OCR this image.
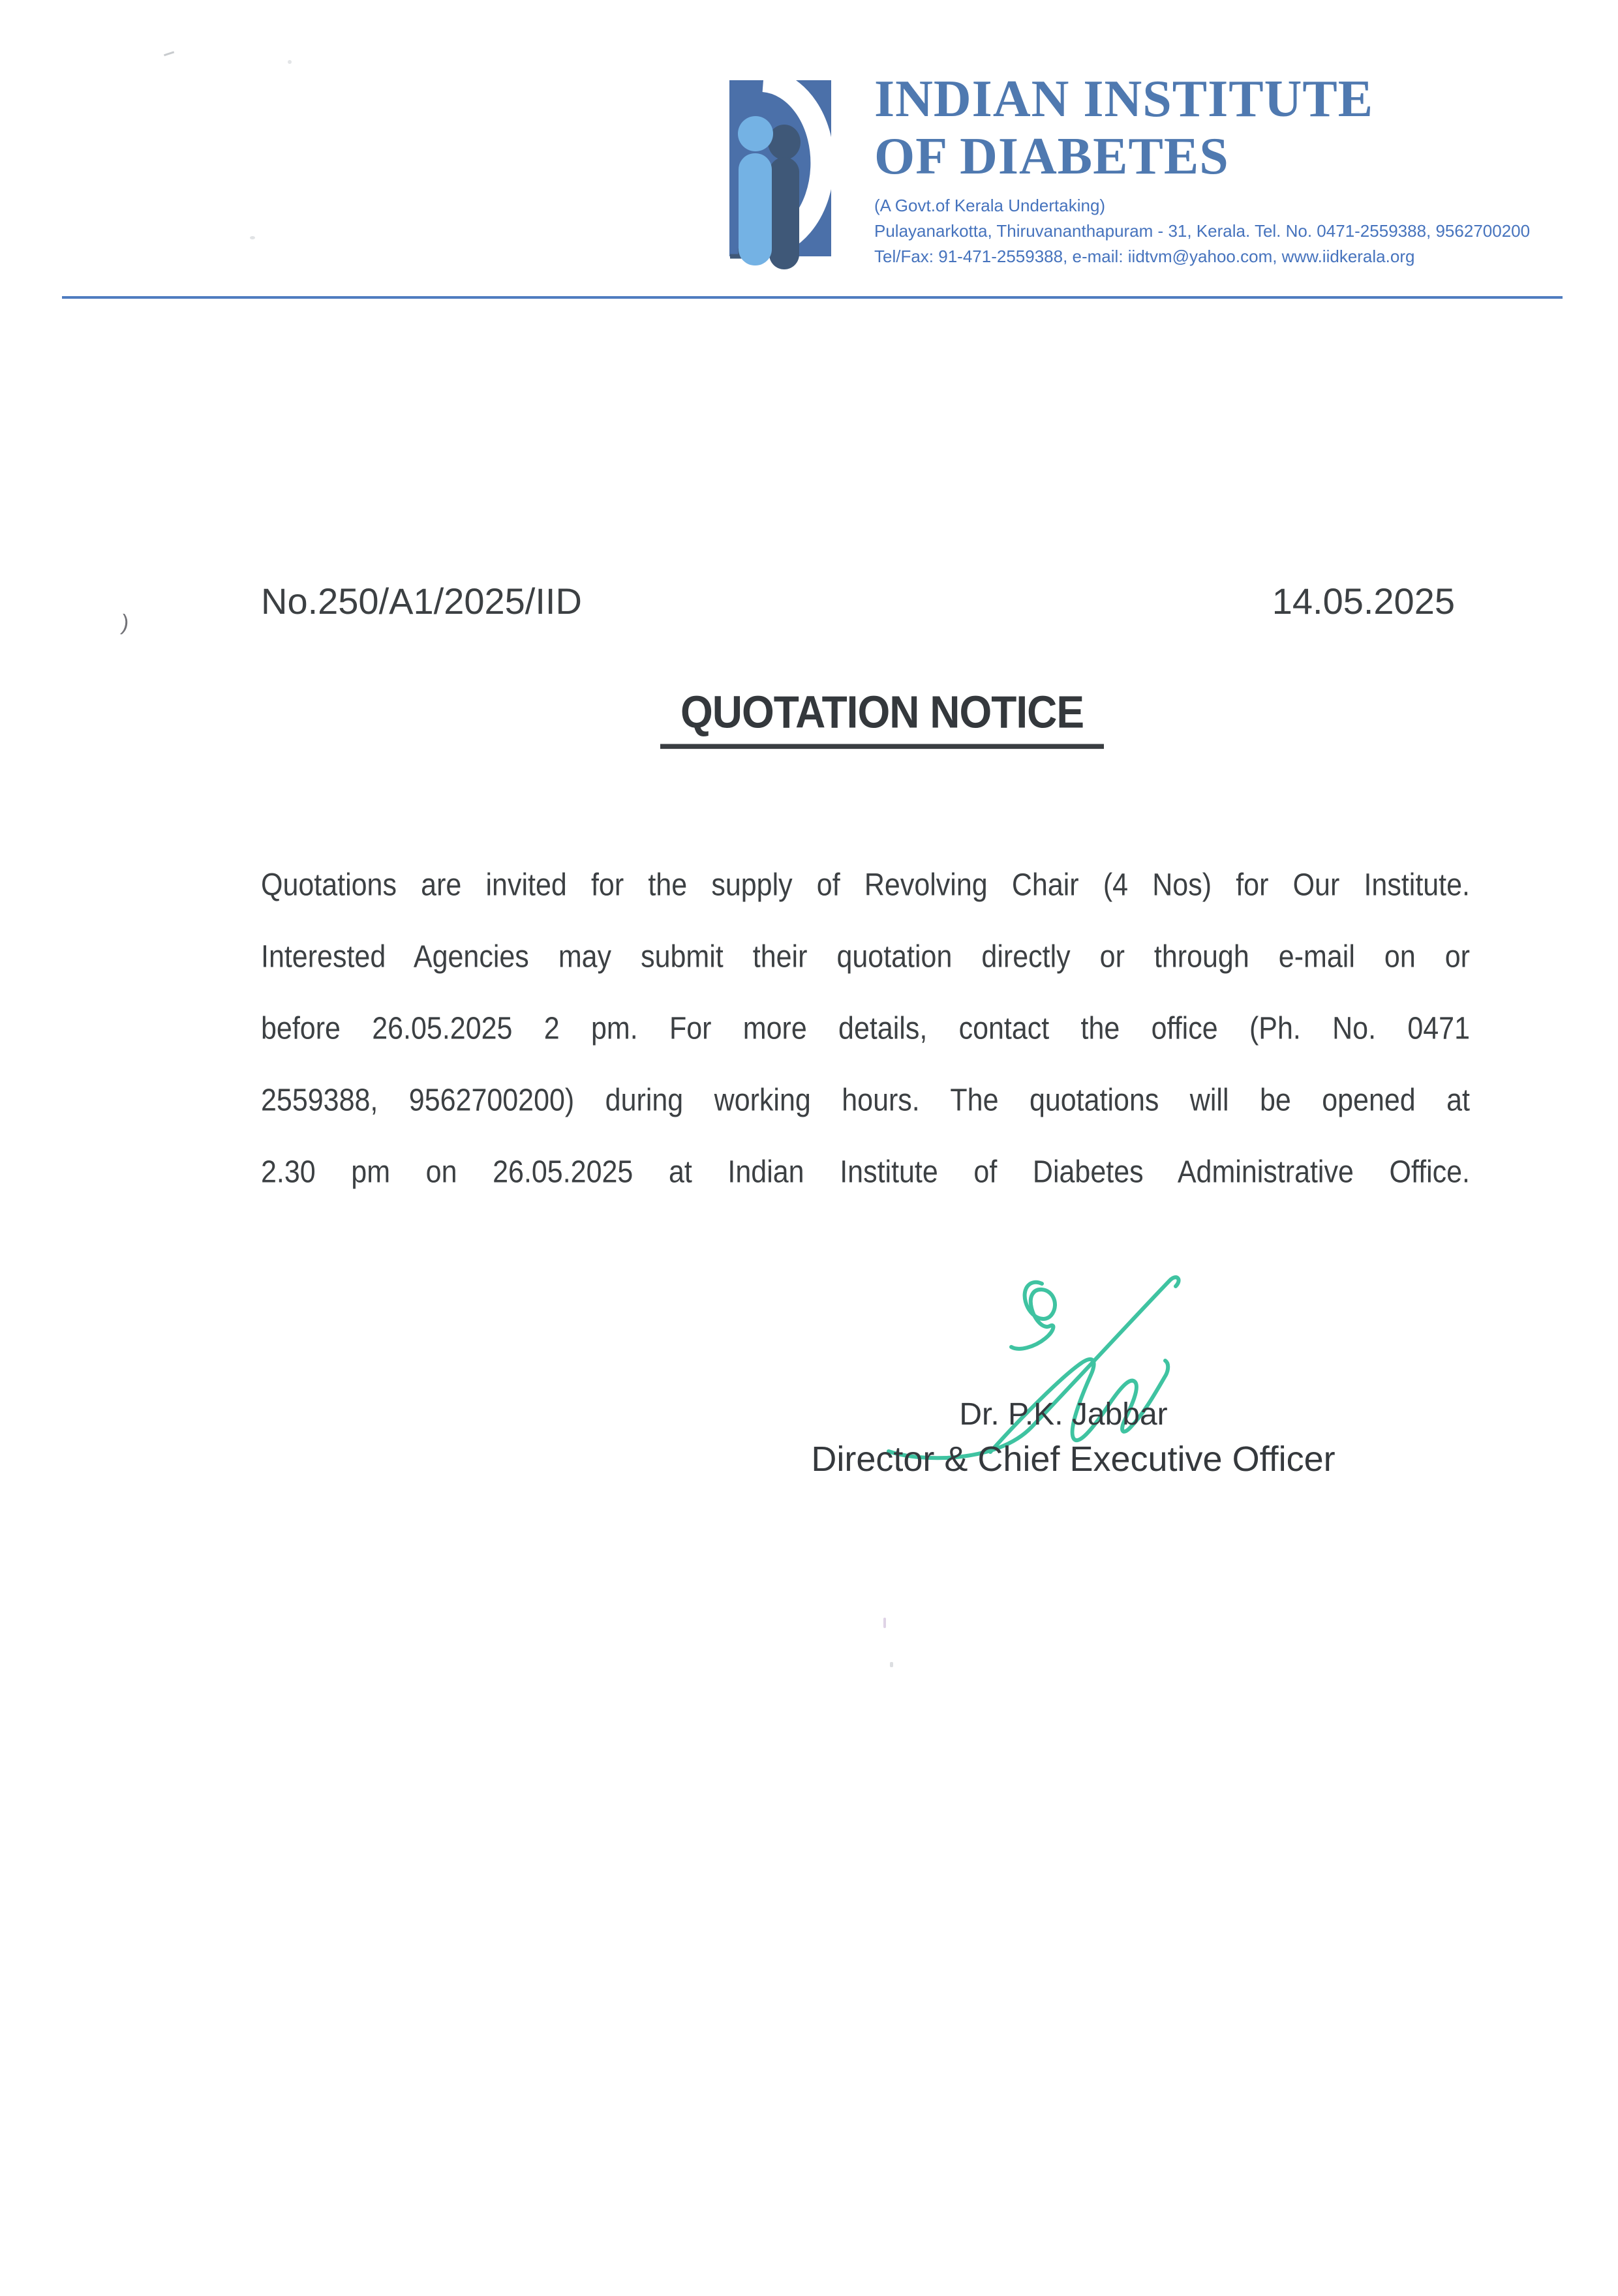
INDIAN INSTITUTE
OF DIABETES
(A Govt.of Kerala Undertaking)
Pulayanarkotta, Thiruvananthapuram - 31, Kerala. Tel. No. 0471-2559388, 9562700200
Tel/Fax: 91-471-2559388, e-mail: iidtvm@yahoo.com, www.iidkerala.org
No.250/A1/2025/IID	14.05.2025
QUOTATION NOTICE
Quotations are invited for the supply of Revolving Chair (4 Nos) for Our Institute.
Interested Agencies may submit their quotation directly or through e-mail on or
before 26.05.2025 2 pm. For more details, contact the office (Ph. No. 0471
2559388, 9562700200) during working hours. The quotations will be opened at
2.30 pm on 26.05.2025 at Indian Institute of Diabetes Administrative Office.
Dr. P.K. Jabbar
Director & Chief Executive Officer
)
